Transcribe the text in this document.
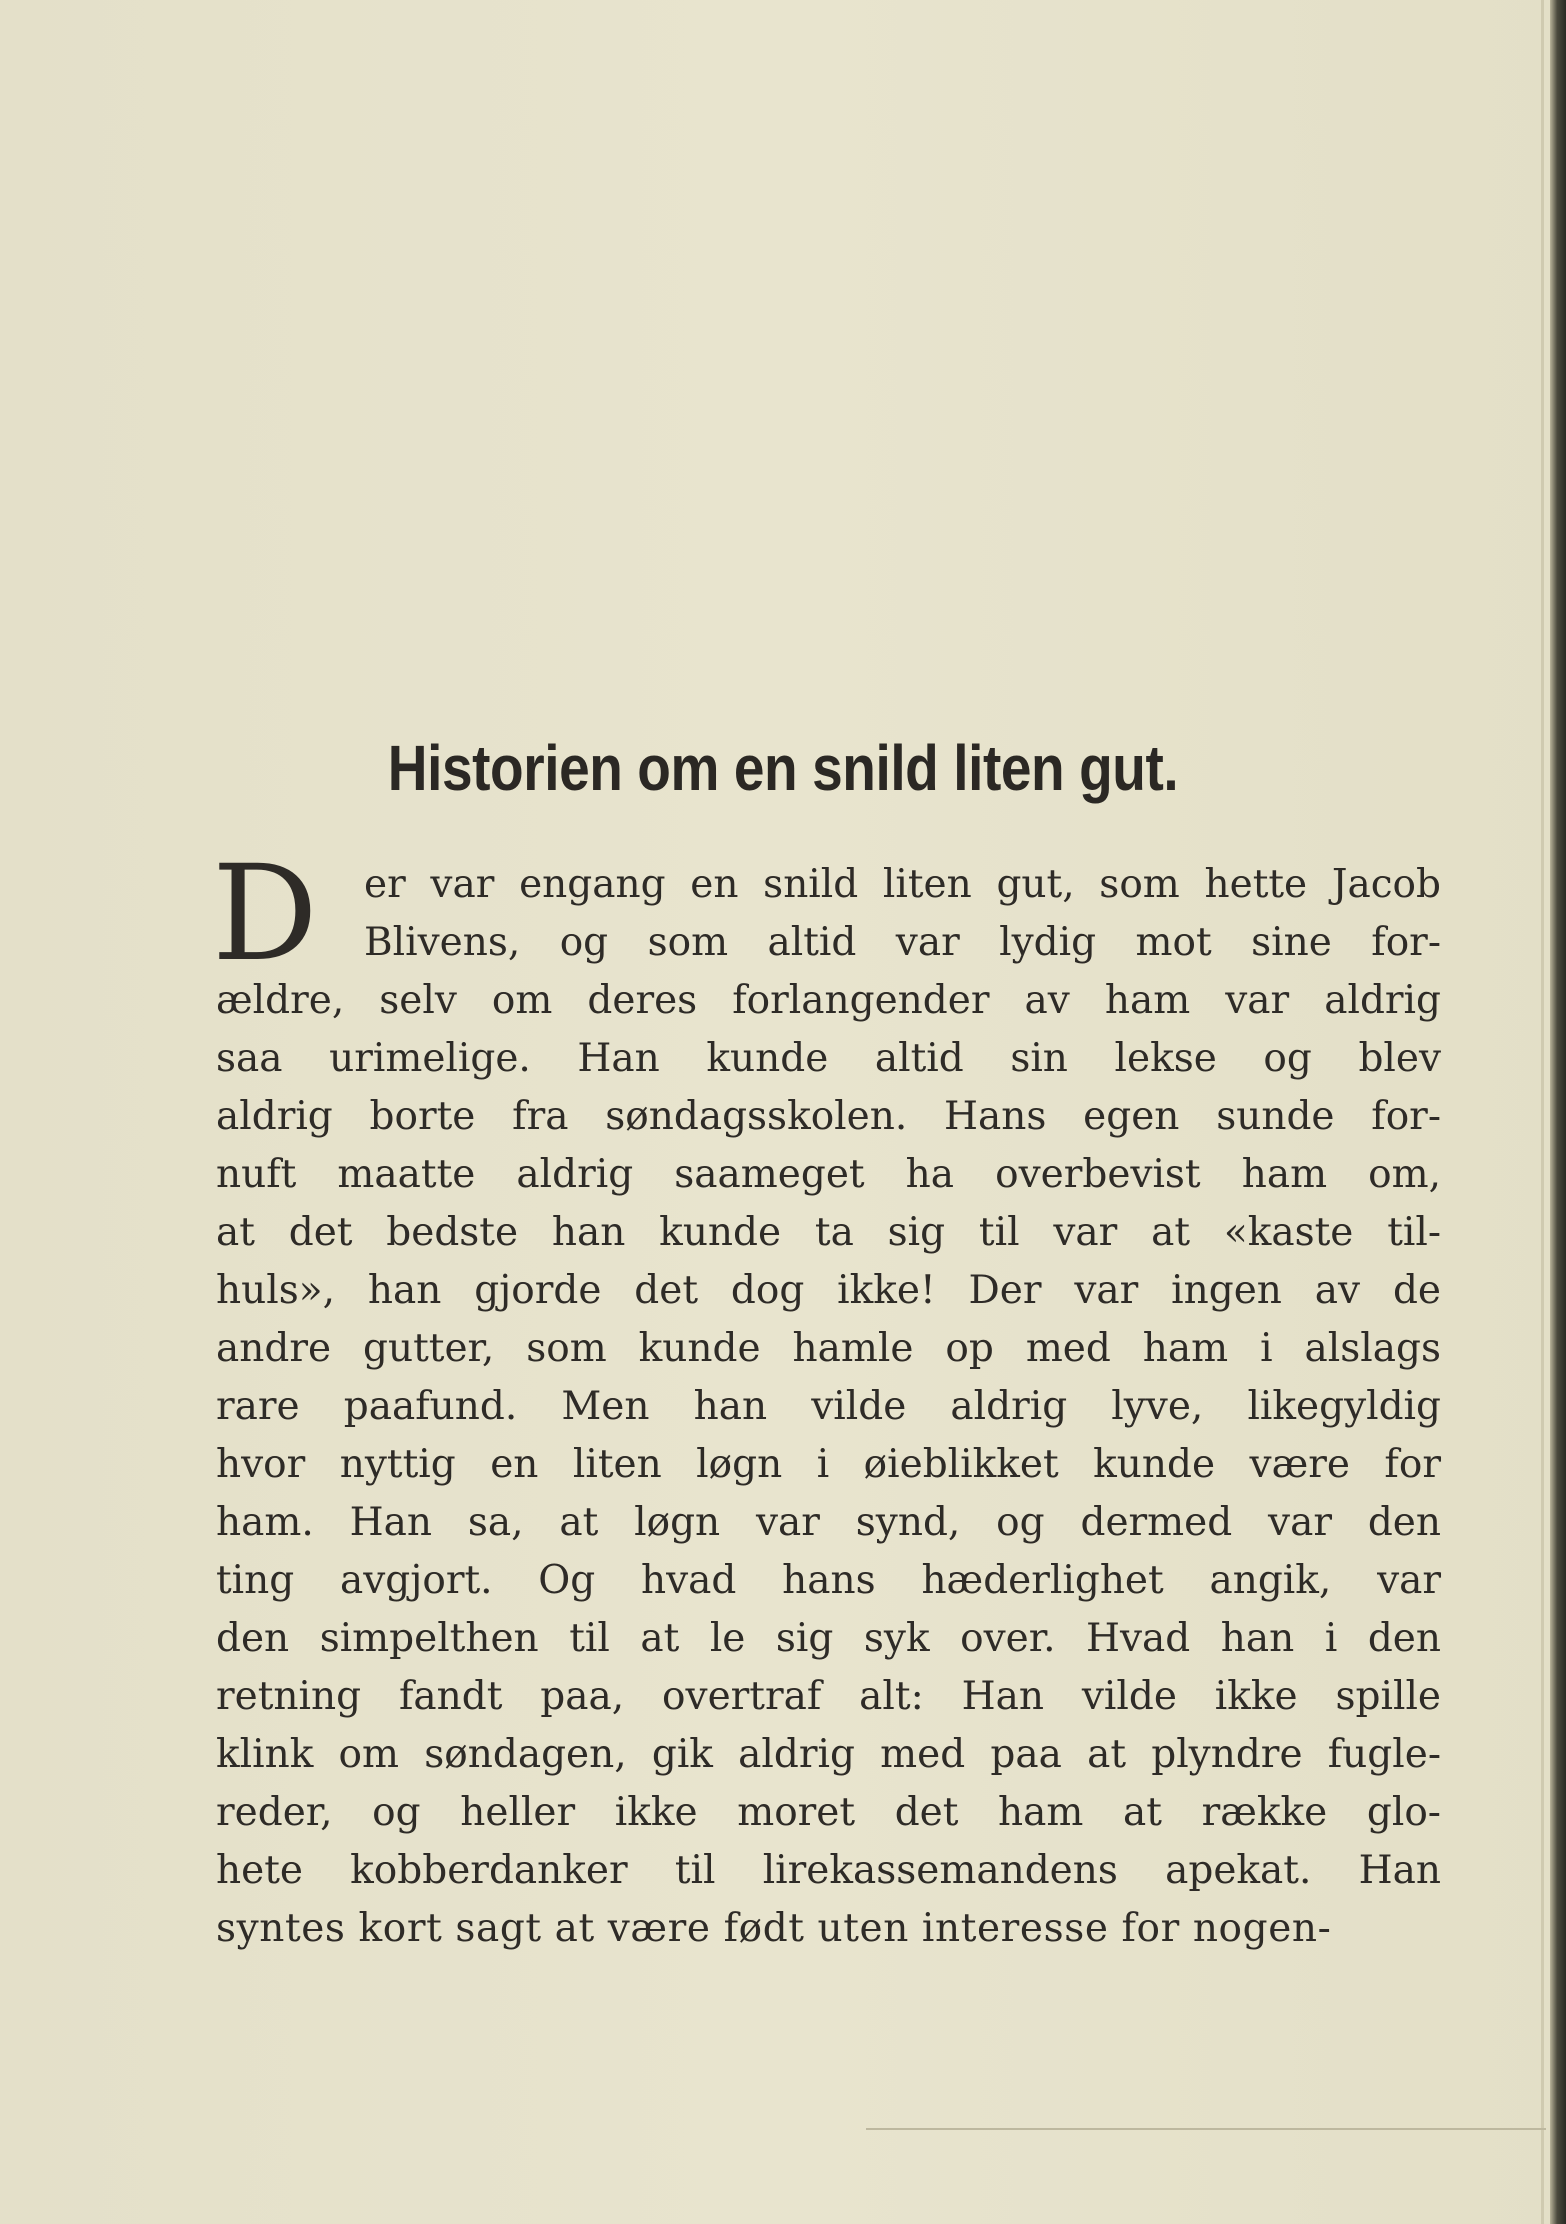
Historien om en snild liten gut.
D	er var engang en snild liten gut, som hette Jacob
Blivens, og som altid var lydig mot sine for-
ældre, selv om deres forlangender av ham var aldrig
saa urimelige. Han kunde altid sin lekse og blev
aldrig borte fra søndagsskolen. Hans egen sunde for-
nuft maatte aldrig saameget ha overbevist ham om,
at det bedste han kunde ta sig til var at «kaste til-
huls», han gjorde det dog ikke! Der var ingen av de
andre gutter, som kunde hamle op med ham i alslags
rare paafund. Men han vilde aldrig lyve, likegyldig
hvor nyttig en liten løgn i øieblikket kunde være for
ham. Han sa, at løgn var synd, og dermed var den
ting avgjort. Og hvad hans hæderlighet angik, var
den simpelthen til at le sig syk over. Hvad han i den
retning fandt paa, overtraf alt: Han vilde ikke spille
klink om søndagen, gik aldrig med paa at plyndre fugle-
reder, og heller ikke moret det ham at række glo-
hete kobberdanker til lirekassemandens apekat. Han
syntes kort sagt at være født uten interesse for nogen-
